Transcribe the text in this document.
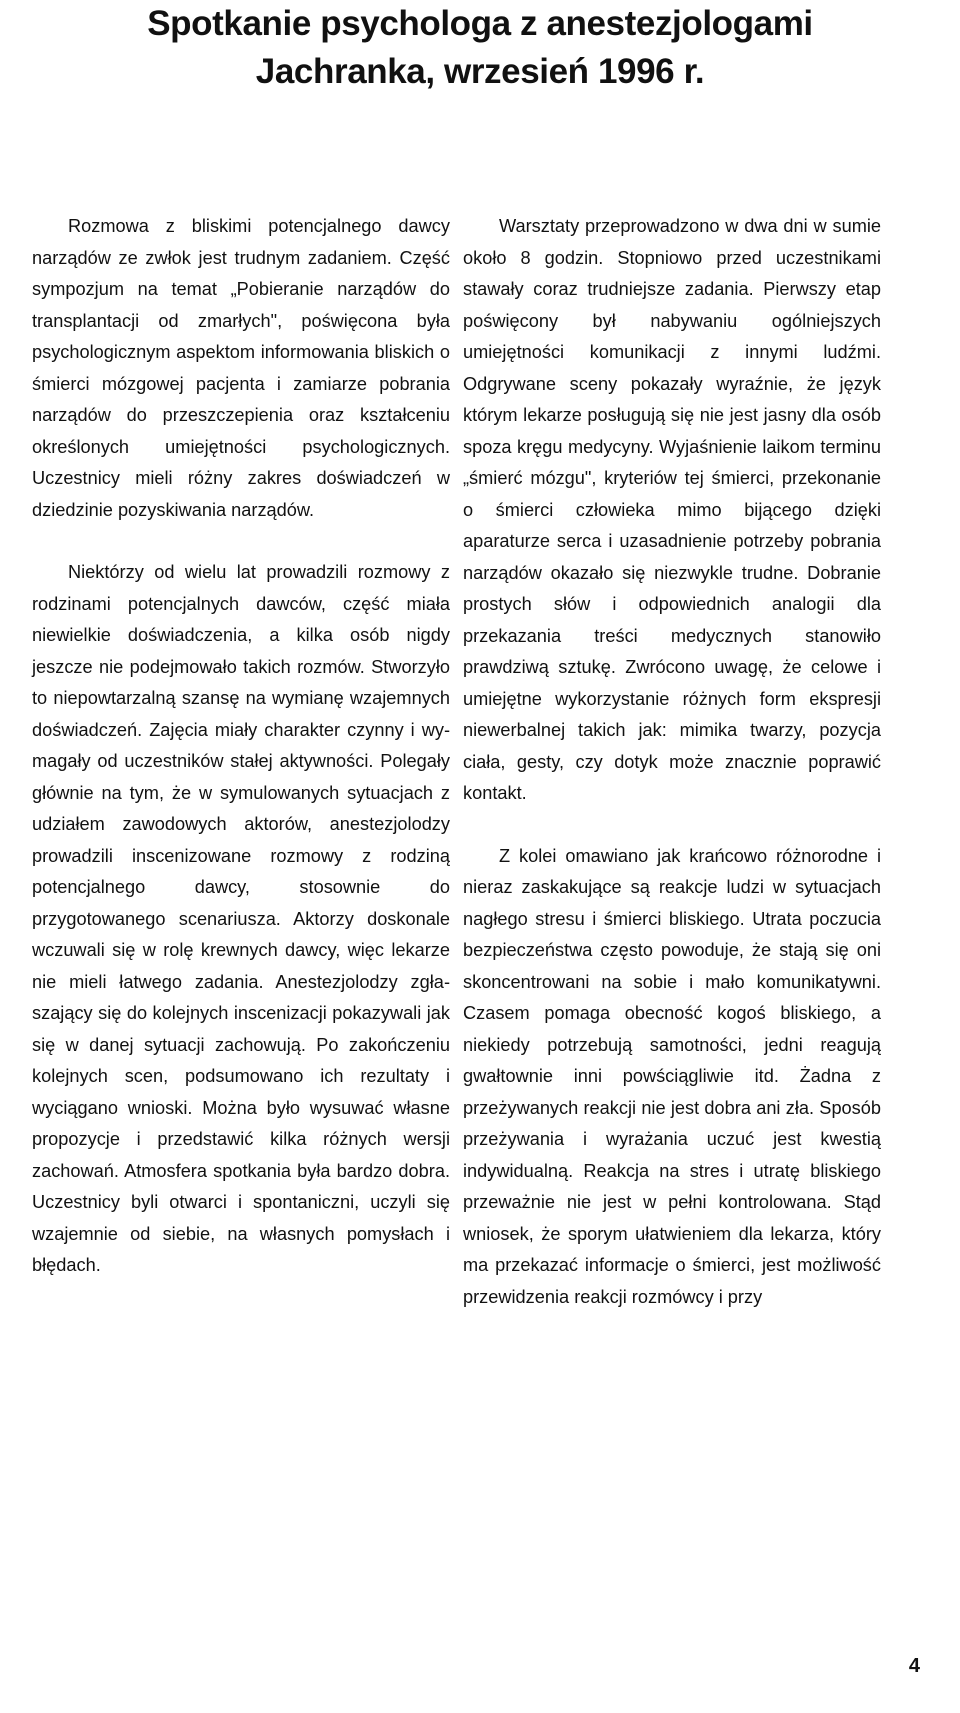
Spotkanie psychologa z anestezjologami
Jachranka, wrzesień 1996 r.

Rozmowa z bliskimi potencjalnego dawcy narządów ze zwłok jest trudnym zadaniem. Część sympozjum na temat „Pobieranie narządów do transplantacji od zmarłych", poświęcona była psychologicznym aspektom informowania bliskich o śmierci mózgowej pacjenta i zamiarze pobrania narządów do przeszczepienia oraz kształceniu określonych umiejętności psychologicznych. Uczestnicy mieli różny zakres doświadczeń w dziedzinie pozyskiwania narządów.

Niektórzy od wielu lat prowadzili rozmowy z rodzinami potencjalnych dawców, część miała niewielkie doświadczenia, a kilka osób nigdy jeszcze nie podejmowało takich rozmów. Stworzyło to niepowtarzalną szansę na wymianę wzajemnych doświadczeń. Zajęcia miały charakter czynny i wymagały od uczestników stałej aktywności. Polegały głównie na tym, że w symulowanych sytuacjach z udziałem zawodowych aktorów, anestezjolodzy prowadzili inscenizowane rozmowy z rodziną potencjalnego dawcy, stosownie do przygotowanego scenariusza. Aktorzy doskonale wczuwali się w rolę krewnych dawcy, więc lekarze nie mieli łatwego zadania. Anestezjolodzy zgłaszający się do kolejnych inscenizacji pokazywali jak się w danej sytuacji zachowują. Po zakończeniu kolejnych scen, podsumowano ich rezultaty i wyciągano wnioski. Można było wysuwać własne propozycje i przedstawić kilka różnych wersji zachowań. Atmosfera spotkania była bardzo dobra. Uczestnicy byli otwarci i spontaniczni, uczyli się wzajemnie od siebie, na własnych pomysłach i błędach.

Warsztaty przeprowadzono w dwa dni w sumie około 8 godzin. Stopniowo przed uczestnikami stawały coraz trudniejsze zadania. Pierwszy etap poświęcony był nabywaniu ogólniejszych umiejętności komunikacji z innymi ludźmi. Odgrywane sceny pokazały wyraźnie, że język którym lekarze posługują się nie jest jasny dla osób spoza kręgu medycyny. Wyjaśnienie laikom terminu „śmierć mózgu", kryteriów tej śmierci, przekonanie o śmierci człowieka mimo bijącego dzięki aparaturze serca i uzasadnienie potrzeby pobrania narządów okazało się niezwykle trudne. Dobranie prostych słów i odpowiednich analogii dla przekazania treści medycznych stanowiło prawdziwą sztukę. Zwrócono uwagę, że celowe i umiejętne wykorzystanie różnych form ekspresji niewerbalnej takich jak: mimika twarzy, pozycja ciała, gesty, czy dotyk może znacznie poprawić kontakt.

Z kolei omawiano jak krańcowo różnorodne i nieraz zaskakujące są reakcje ludzi w sytuacjach nagłego stresu i śmierci bliskiego. Utrata poczucia bezpieczeństwa często powoduje, że stają się oni skoncentrowani na sobie i mało komunikatywni. Czasem pomaga obecność kogoś bliskiego, a niekiedy potrzebują samotności, jedni reagują gwałtownie inni powściągliwie itd. Żadna z przeżywanych reakcji nie jest dobra ani zła. Sposób przeżywania i wyrażania uczuć jest kwestią indywidualną. Reakcja na stres i utratę bliskiego przeważnie nie jest w pełni kontrolowana. Stąd wniosek, że sporym ułatwieniem dla lekarza, który ma przekazać informacje o śmierci, jest możliwość przewidzenia reakcji rozmówcy i przy

4
